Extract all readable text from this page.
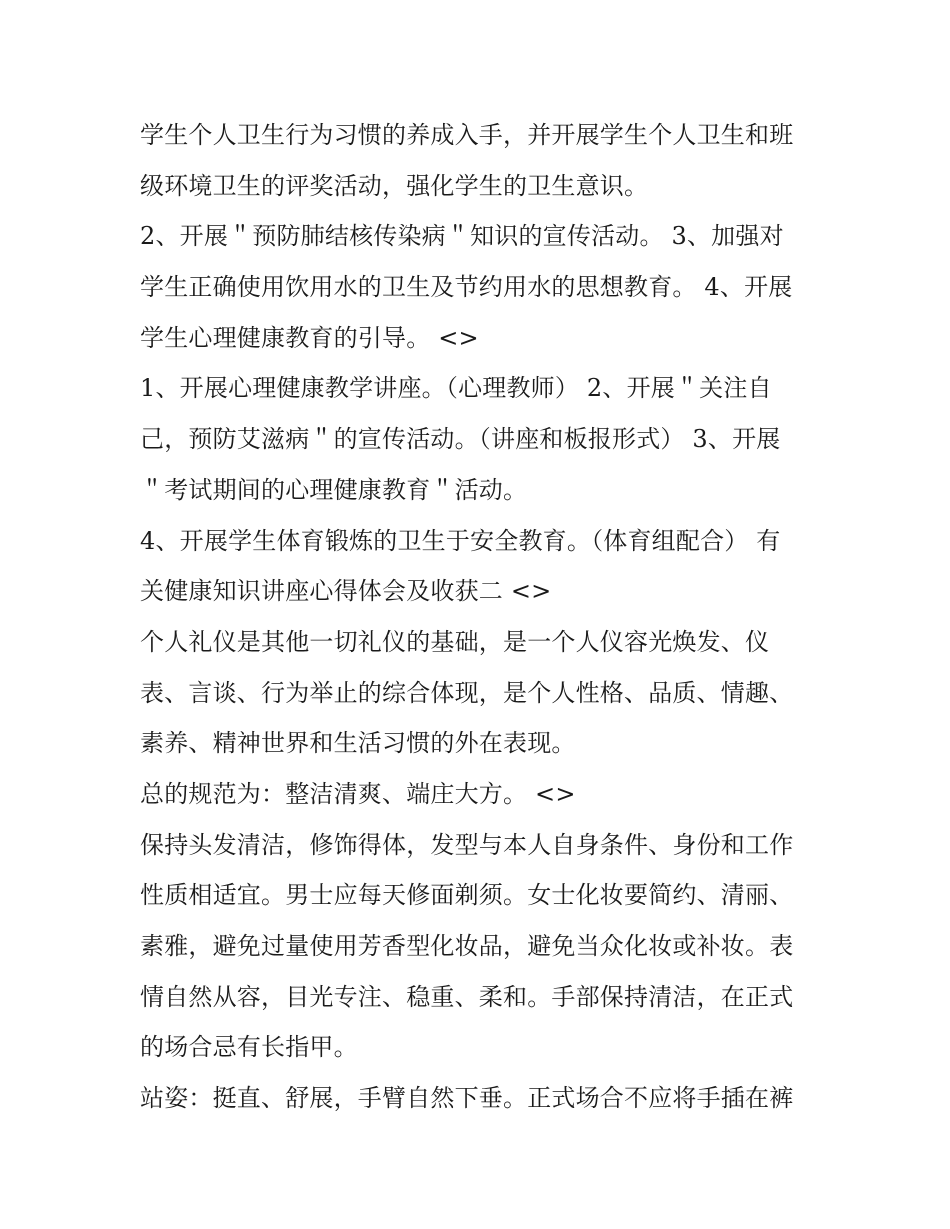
学生个人卫生行为习惯的养成入手，并开展学生个人卫生和班
级环境卫生的评奖活动，强化学生的卫生意识。
2、开展＂预防肺结核传染病＂知识的宣传活动。 3、加强对
学生正确使用饮用水的卫生及节约用水的思想教育。 4、开展
学生心理健康教育的引导。 <>
1、开展心理健康教学讲座。（心理教师） 2、开展＂关注自
己，预防艾滋病＂的宣传活动。（讲座和板报形式） 3、开展
＂考试期间的心理健康教育＂活动。
4、开展学生体育锻炼的卫生于安全教育。（体育组配合） 有
关健康知识讲座心得体会及收获二 <>
个人礼仪是其他一切礼仪的基础，是一个人仪容光焕发、仪
表、言谈、行为举止的综合体现，是个人性格、品质、情趣、
素养、精神世界和生活习惯的外在表现。
总的规范为：整洁清爽、端庄大方。 <>
保持头发清洁，修饰得体，发型与本人自身条件、身份和工作
性质相适宜。男士应每天修面剃须。女士化妆要简约、清丽、
素雅，避免过量使用芳香型化妆品，避免当众化妆或补妆。表
情自然从容，目光专注、稳重、柔和。手部保持清洁，在正式
的场合忌有长指甲。
站姿：挺直、舒展，手臂自然下垂。正式场合不应将手插在裤
